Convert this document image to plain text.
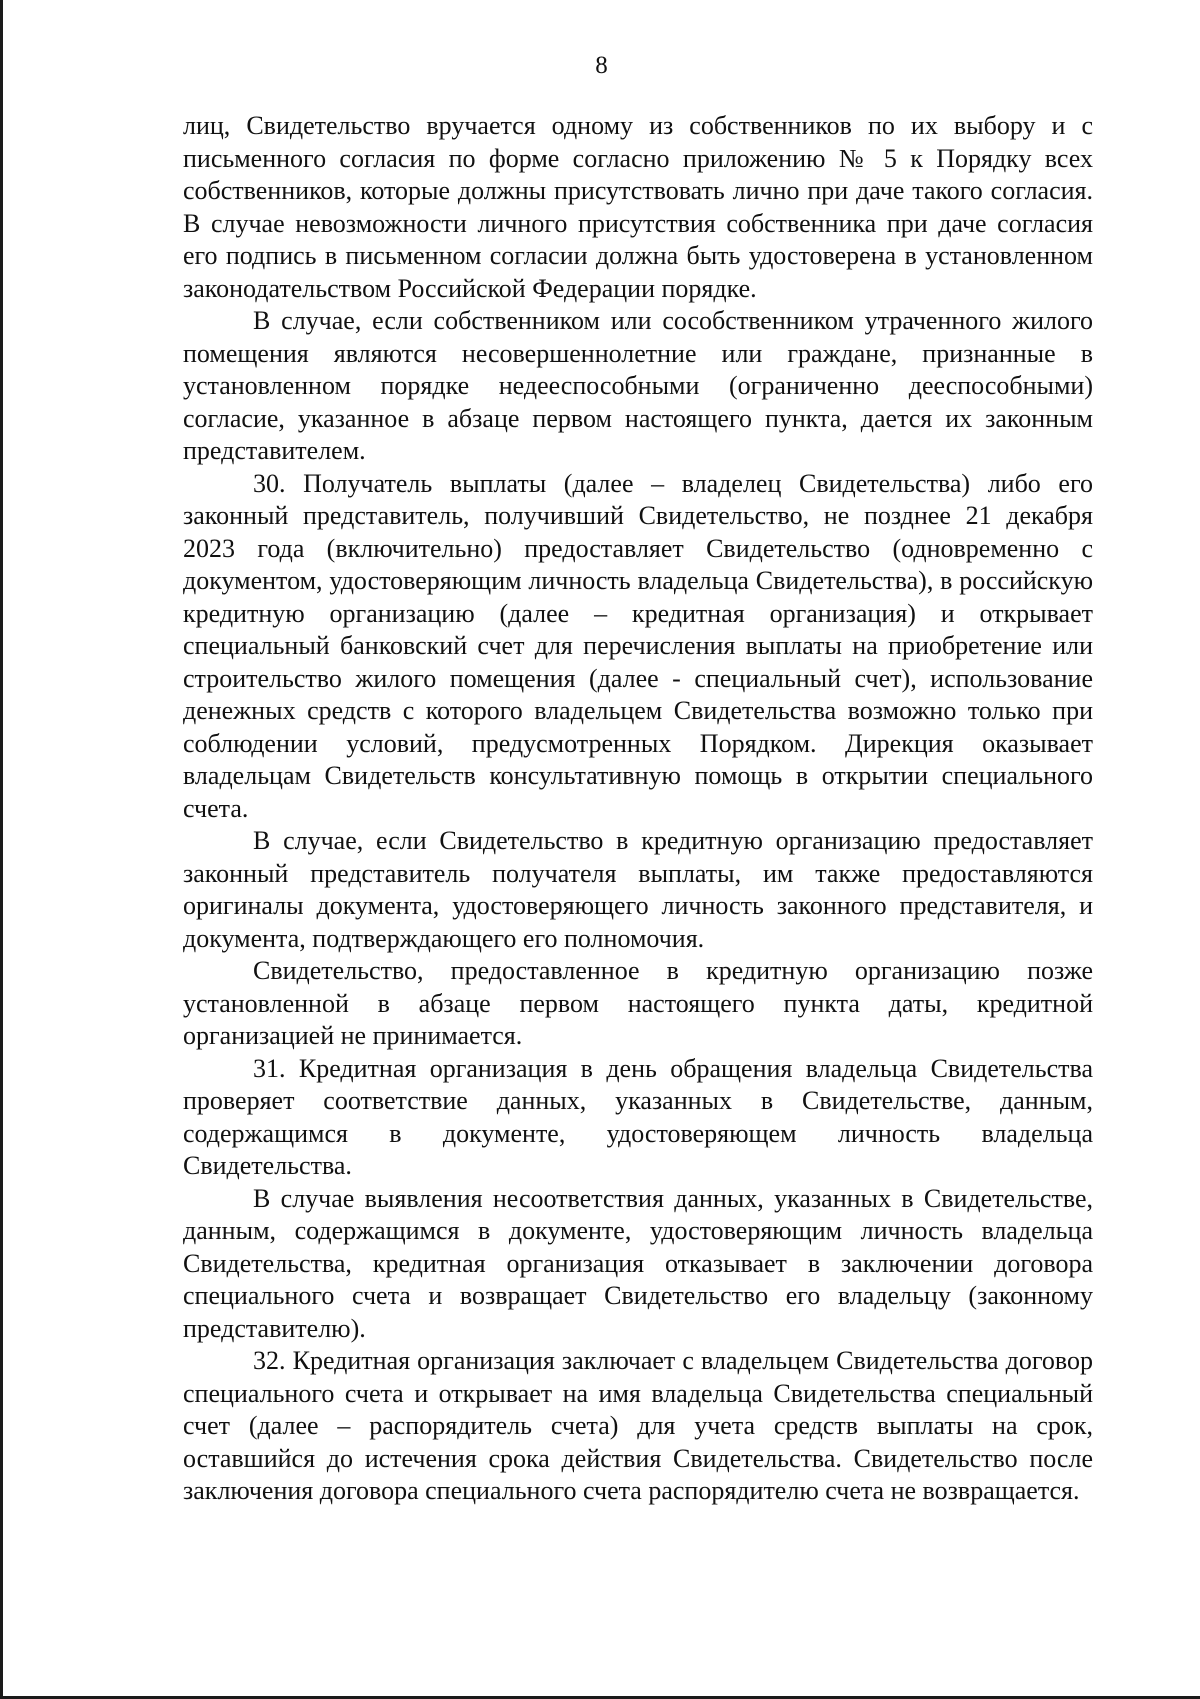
8

лиц, Свидетельство вручается одному из собственников по их выбору и с письменного согласия по форме согласно приложению № 5 к Порядку всех собственников, которые должны присутствовать лично при даче такого согласия. В случае невозможности личного присутствия собственника при даче согласия его подпись в письменном согласии должна быть удостоверена в установленном законодательством Российской Федерации порядке.

В случае, если собственником или сособственником утраченного жилого помещения являются несовершеннолетние или граждане, признанные в установленном порядке недееспособными (ограниченно дееспособными) согласие, указанное в абзаце первом настоящего пункта, дается их законным представителем.

30. Получатель выплаты (далее – владелец Свидетельства) либо его законный представитель, получивший Свидетельство, не позднее 21 декабря 2023 года (включительно) предоставляет Свидетельство (одновременно с документом, удостоверяющим личность владельца Свидетельства), в российскую кредитную организацию (далее – кредитная организация) и открывает специальный банковский счет для перечисления выплаты на приобретение или строительство жилого помещения (далее - специальный счет), использование денежных средств с которого владельцем Свидетельства возможно только при соблюдении условий, предусмотренных Порядком. Дирекция оказывает владельцам Свидетельств консультативную помощь в открытии специального счета.

В случае, если Свидетельство в кредитную организацию предоставляет законный представитель получателя выплаты, им также предоставляются оригиналы документа, удостоверяющего личность законного представителя, и документа, подтверждающего его полномочия.

Свидетельство, предоставленное в кредитную организацию позже установленной в абзаце первом настоящего пункта даты, кредитной организацией не принимается.

31. Кредитная организация в день обращения владельца Свидетельства проверяет соответствие данных, указанных в Свидетельстве, данным, содержащимся в документе, удостоверяющем личность владельца Свидетельства.

В случае выявления несоответствия данных, указанных в Свидетельстве, данным, содержащимся в документе, удостоверяющим личность владельца Свидетельства, кредитная организация отказывает в заключении договора специального счета и возвращает Свидетельство его владельцу (законному представителю).

32. Кредитная организация заключает с владельцем Свидетельства договор специального счета и открывает на имя владельца Свидетельства специальный счет (далее – распорядитель счета) для учета средств выплаты на срок, оставшийся до истечения срока действия Свидетельства. Свидетельство после заключения договора специального счета распорядителю счета не возвращается.
